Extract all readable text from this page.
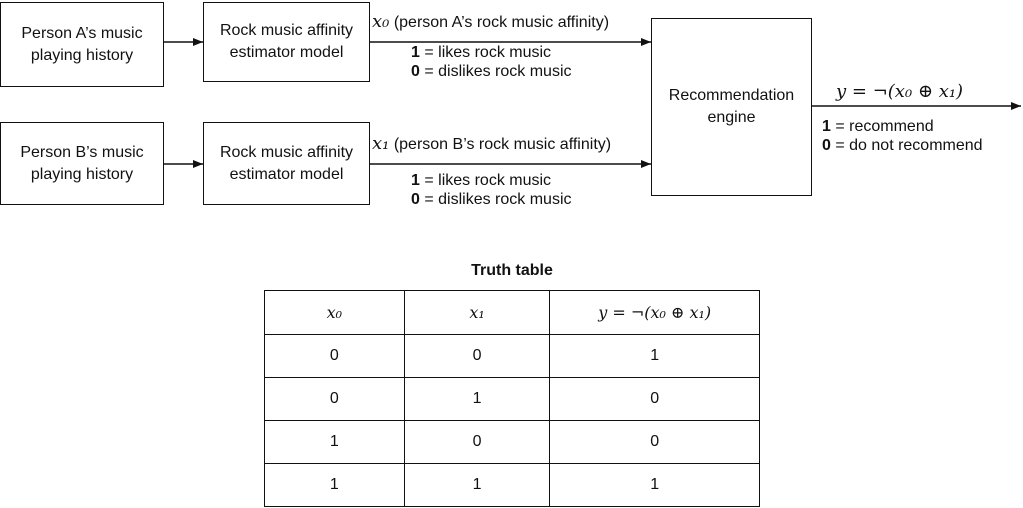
Person A’s music playing history
Rock music affinity estimator model
x₀ (person A’s rock music affinity)
1 = likes rock music
0 = dislikes rock music
Person B’s music playing history
Rock music affinity estimator model
x₁ (person B’s rock music affinity)
1 = likes rock music
0 = dislikes rock music
Recommendation engine
y = ¬(x₀ ⊕ x₁)
1 = recommend
0 = do not recommend
Truth table
x₀	x₁	y = ¬(x₀ ⊕ x₁)
0	0	1
0	1	0
1	0	0
1	1	1
